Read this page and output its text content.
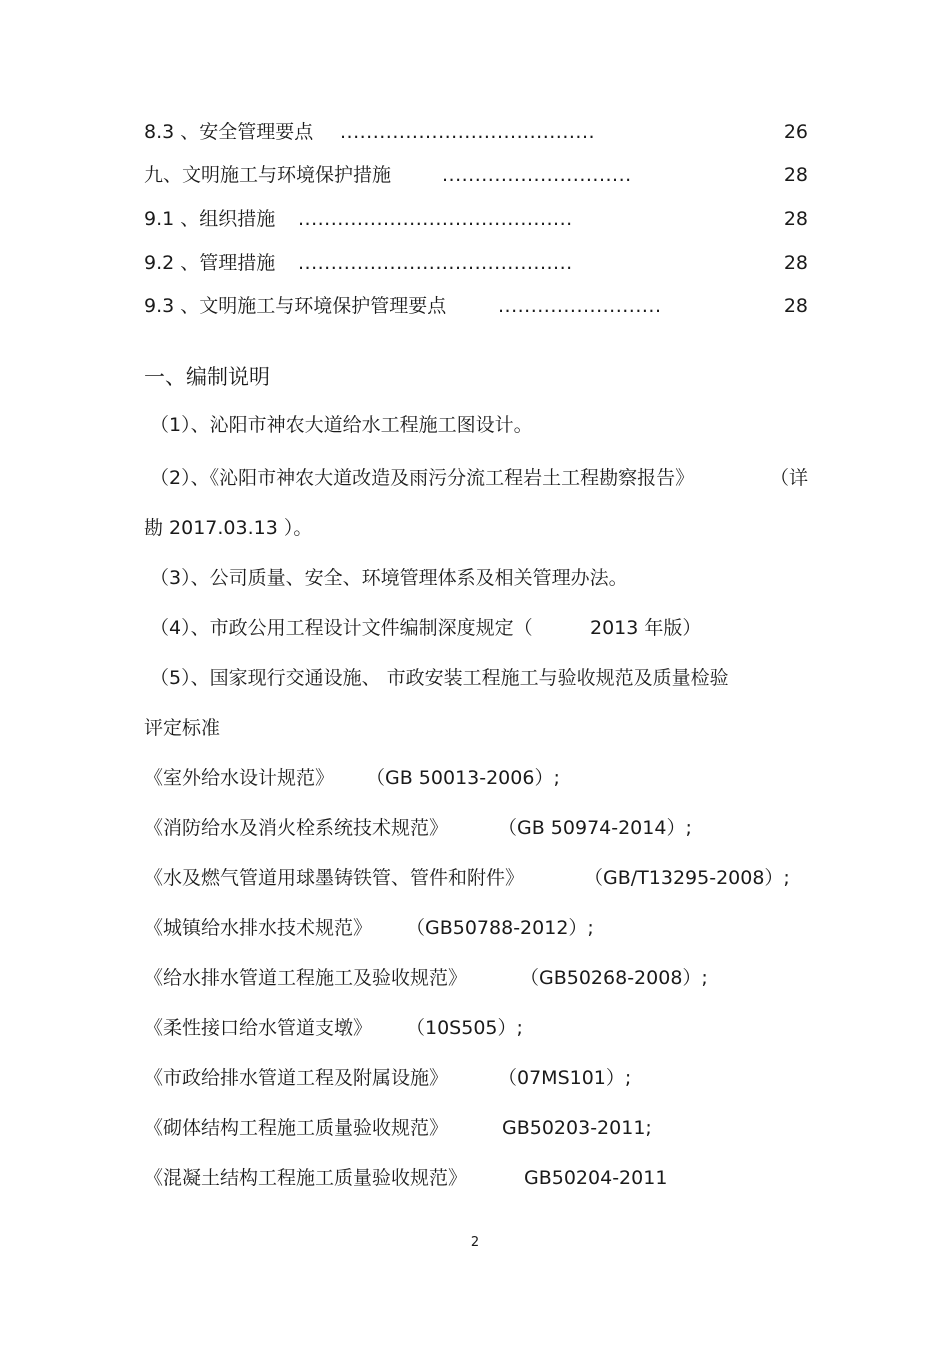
8.3 、安全管理要点 .......................................	26
九、文明施工与环境保护措施	.............................	28
9.1 、组织措施 ..........................................	28
9.2 、管理措施 ..........................................	28
9.3 、文明施工与环境保护管理要点	.........................	28
一、编制说明
（1）、沁阳市神农大道给水工程施工图设计。
（2）、《沁阳市神农大道改造及雨污分流工程岩土工程勘察报告》	（详
勘 2017.03.13 ）。
（3）、公司质量、安全、环境管理体系及相关管理办法。
（4）、市政公用工程设计文件编制深度规定（	2013 年版）
（5）、国家现行交通设施、 市政安装工程施工与验收规范及质量检验
评定标准
《室外给水设计规范》 （GB 50013-2006）;
《消防给水及消火栓系统技术规范》	（GB 50974-2014）;
《水及燃气管道用球墨铸铁管、管件和附件》	（GB/T13295-2008）;
《城镇给水排水技术规范》 （GB50788-2012）;
《给水排水管道工程施工及验收规范》	（GB50268-2008）;
《柔性接口给水管道支墩》 （10S505）;
《市政给排水管道工程及附属设施》	（07MS101）;
《砌体结构工程施工质量验收规范》	GB50203-2011;
《混凝土结构工程施工质量验收规范》	GB50204-2011
2
